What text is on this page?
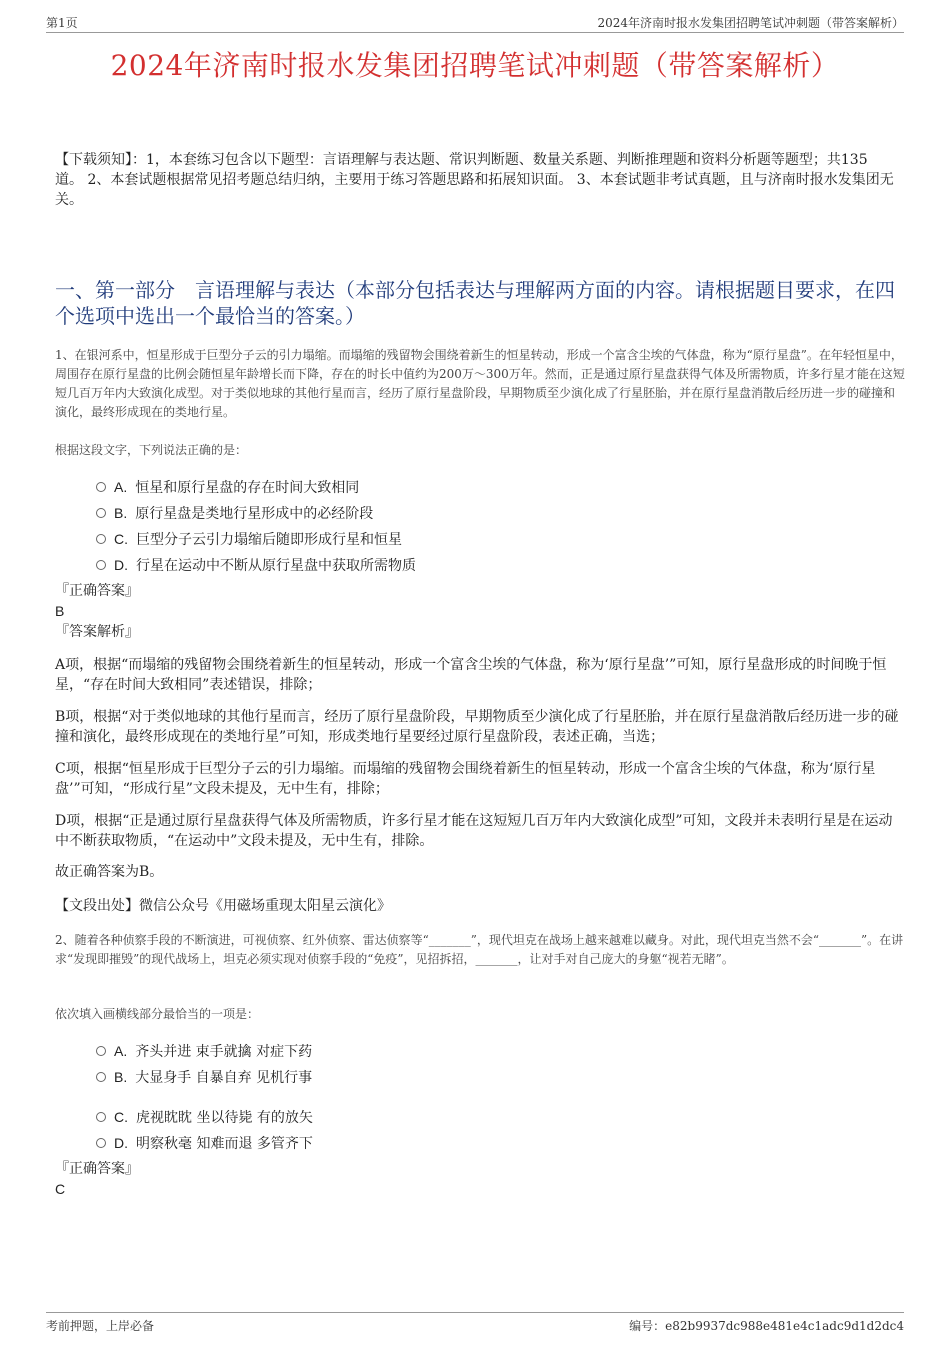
第1页	2024年济南时报水发集团招聘笔试冲刺题（带答案解析）
2024年济南时报水发集团招聘笔试冲刺题（带答案解析）
【下载须知】：1，本套练习包含以下题型：言语理解与表达题、常识判断题、数量关系题、判断推理题和资料分析题等题型；共135道。 2、本套试题根据常见招考题总结归纳，主要用于练习答题思路和拓展知识面。 3、本套试题非考试真题，且与济南时报水发集团无关。
一、第一部分　言语理解与表达（本部分包括表达与理解两方面的内容。请根据题目要求，在四个选项中选出一个最恰当的答案。）
1、在银河系中，恒星形成于巨型分子云的引力塌缩。而塌缩的残留物会围绕着新生的恒星转动，形成一个富含尘埃的气体盘，称为“原行星盘”。在年轻恒星中，周围存在原行星盘的比例会随恒星年龄增长而下降，存在的时长中值约为200万～300万年。然而，正是通过原行星盘获得气体及所需物质，许多行星才能在这短短几百万年内大致演化成型。对于类似地球的其他行星而言，经历了原行星盘阶段，早期物质至少演化成了行星胚胎，并在原行星盘消散后经历进一步的碰撞和演化，最终形成现在的类地行星。
根据这段文字，下列说法正确的是：
A. 恒星和原行星盘的存在时间大致相同
B. 原行星盘是类地行星形成中的必经阶段
C. 巨型分子云引力塌缩后随即形成行星和恒星
D. 行星在运动中不断从原行星盘中获取所需物质
『正确答案』
B
『答案解析』
A项，根据“而塌缩的残留物会围绕着新生的恒星转动，形成一个富含尘埃的气体盘，称为‘原行星盘’”可知，原行星盘形成的时间晚于恒星，“存在时间大致相同”表述错误，排除；
B项，根据“对于类似地球的其他行星而言，经历了原行星盘阶段，早期物质至少演化成了行星胚胎，并在原行星盘消散后经历进一步的碰撞和演化，最终形成现在的类地行星”可知，形成类地行星要经过原行星盘阶段，表述正确，当选；
C项，根据“恒星形成于巨型分子云的引力塌缩。而塌缩的残留物会围绕着新生的恒星转动，形成一个富含尘埃的气体盘，称为‘原行星盘’”可知，“形成行星”文段未提及，无中生有，排除；
D项，根据“正是通过原行星盘获得气体及所需物质，许多行星才能在这短短几百万年内大致演化成型”可知，文段并未表明行星是在运动中不断获取物质，“在运动中”文段未提及，无中生有，排除。
故正确答案为B。
【文段出处】微信公众号《用磁场重现太阳星云演化》
2、随着各种侦察手段的不断演进，可视侦察、红外侦察、雷达侦察等“_______”，现代坦克在战场上越来越难以藏身。对此，现代坦克当然不会“_______”。在讲求“发现即摧毁”的现代战场上，坦克必须实现对侦察手段的“免疫”，见招拆招，_______，让对手对自己庞大的身躯“视若无睹”。
依次填入画横线部分最恰当的一项是：
A. 齐头并进 束手就擒 对症下药
B. 大显身手 自暴自弃 见机行事
C. 虎视眈眈 坐以待毙 有的放矢
D. 明察秋毫 知难而退 多管齐下
『正确答案』
C
考前押题，上岸必备	编号：e82b9937dc988e481e4c1adc9d1d2dc4
